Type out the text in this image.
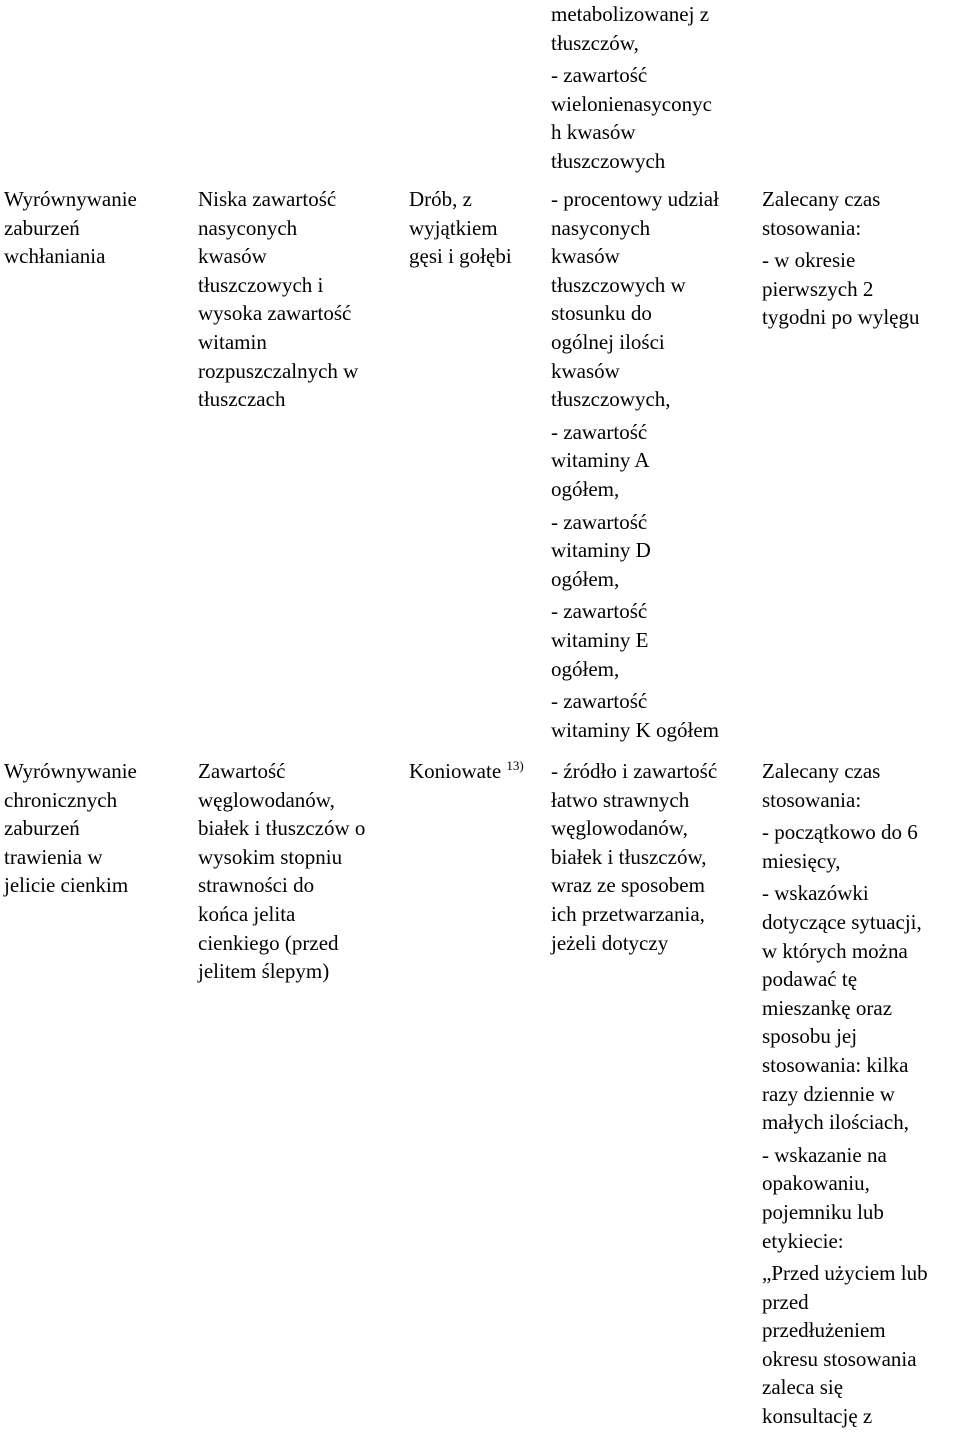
metabolizowanej z

tłuszczów,

- zawartość

wielonienasyconyc

h kwasów

tłuszczowych

Wyrównywanie

zaburzeń

wchłaniania

Niska zawartość

nasyconych

kwasów

tłuszczowych i

wysoka zawartość

witamin

rozpuszczalnych w

tłuszczach

Drób, z

wyjątkiem

gęsi i gołębi

- procentowy udział

nasyconych

kwasów

tłuszczowych w

stosunku do

ogólnej ilości

kwasów

tłuszczowych,

- zawartość

witaminy A

ogółem,

- zawartość

witaminy D

ogółem,

- zawartość

witaminy E

ogółem,

- zawartość

witaminy K ogółem

Zalecany czas

stosowania:

- w okresie

pierwszych 2

tygodni po wylęgu

Wyrównywanie

chronicznych

zaburzeń

trawienia w

jelicie cienkim

Zawartość

węglowodanów,

białek i tłuszczów o

wysokim stopniu

strawności do

końca jelita

cienkiego (przed

jelitem ślepym)

Koniowate $^{13)}$	- źródło i zawartość

łatwo strawnych

węglowodanów,

białek i tłuszczów,

wraz ze sposobem

ich przetwarzania,

jeżeli dotyczy

Zalecany czas

stosowania:

- początkowo do 6

miesięcy,

- wskazówki

dotyczące sytuacji,

w których można

podawać tę

mieszankę oraz

sposobu jej

stosowania: kilka

razy dziennie w

małych ilościach,

- wskazanie na

opakowaniu,

pojemniku lub

etykiecie:

„Przed użyciem lub

przed

przedłużeniem

okresu stosowania

zaleca się

konsultację z
